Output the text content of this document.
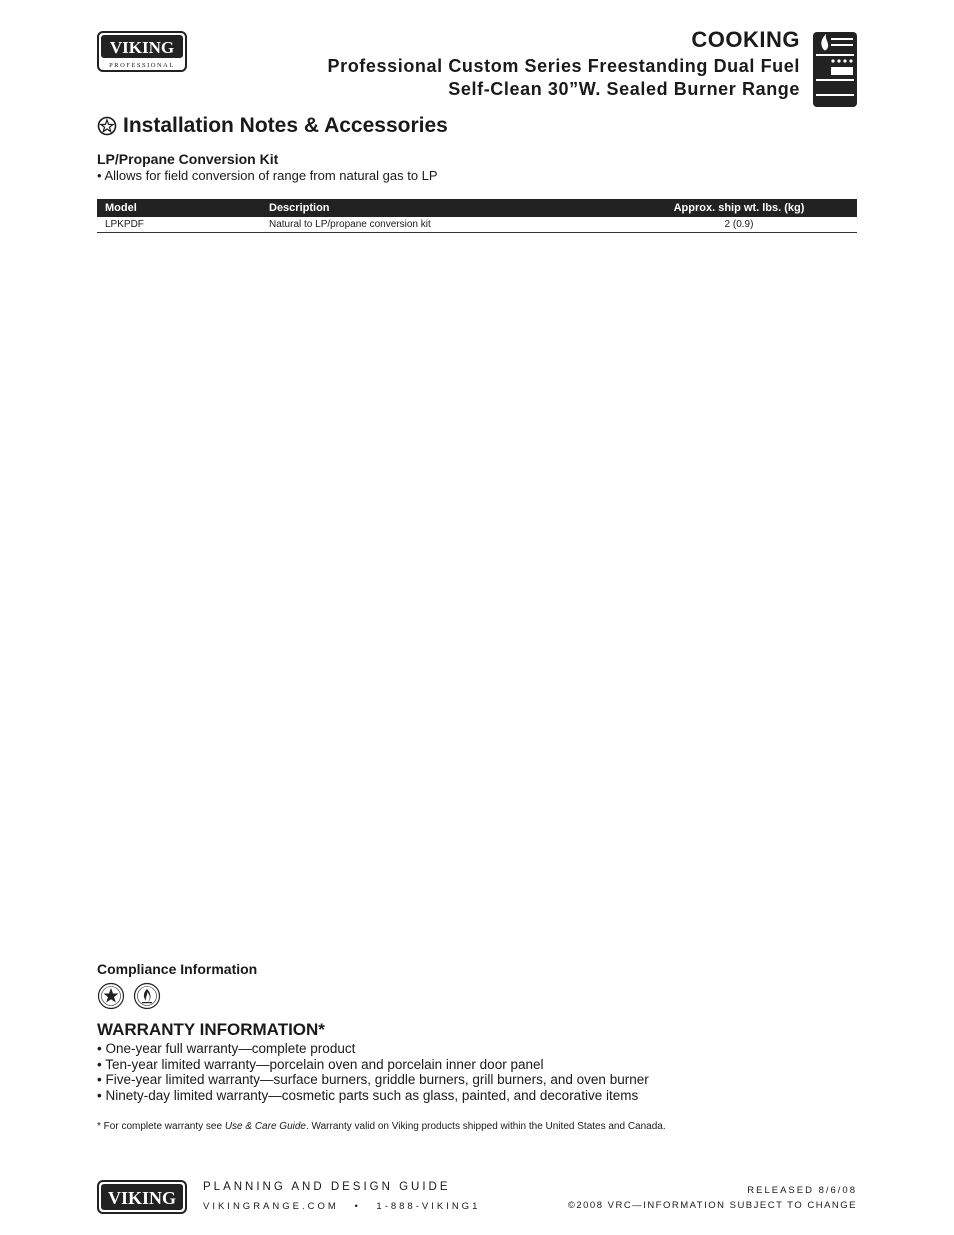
VIKING
PROFESSIONAL
COOKING
Professional Custom Series Freestanding Dual Fuel
Self-Clean 30”W. Sealed Burner Range
Installation Notes & Accessories
LP/Propane Conversion Kit
• Allows for field conversion of range from natural gas to LP
Model	Description	Approx. ship wt. lbs. (kg)
LPKPDF	Natural to LP/propane conversion kit	2 (0.9)
Compliance Information
WARRANTY INFORMATION*
• One-year full warranty—complete product
• Ten-year limited warranty—porcelain oven and porcelain inner door panel
• Five-year limited warranty—surface burners, griddle burners, grill burners, and oven burner
• Ninety-day limited warranty—cosmetic parts such as glass, painted, and decorative items
* For complete warranty see Use & Care Guide. Warranty valid on Viking products shipped within the United States and Canada.
VIKING
PLANNING AND DESIGN GUIDE
VIKINGRANGE.COM • 1-888-VIKING1
RELEASED 8/6/08
©2008 VRC—INFORMATION SUBJECT TO CHANGE
